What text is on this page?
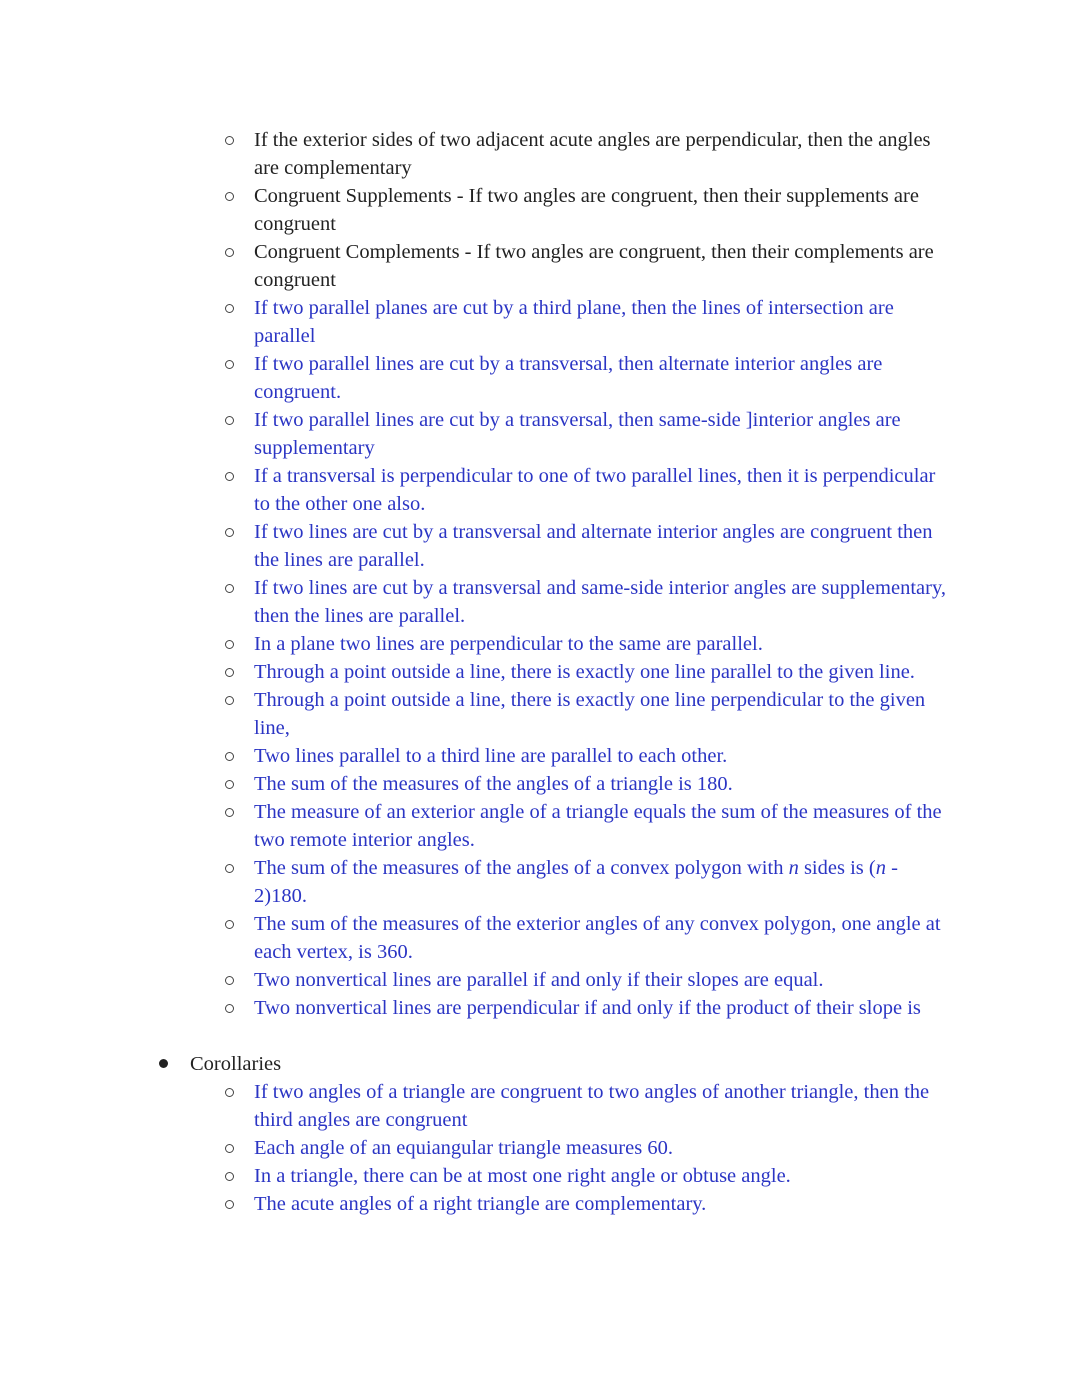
If the exterior sides of two adjacent acute angles are perpendicular, then the angles are complementary
Congruent Supplements - If two angles are congruent, then their supplements are congruent
Congruent Complements - If two angles are congruent, then their complements are congruent
If two parallel planes are cut by a third plane, then the lines of intersection are parallel
If two parallel lines are cut by a transversal, then alternate interior angles are congruent.
If two parallel lines are cut by a transversal, then same-side ]interior angles are supplementary
If a transversal is perpendicular to one of two parallel lines, then it is perpendicular to the other one also.
If two lines are cut by a transversal and alternate interior angles are congruent then the lines are parallel.
If two lines are cut by a transversal and same-side interior angles are supplementary, then the lines are parallel.
In a plane two lines are perpendicular to the same are parallel.
Through a point outside a line, there is exactly one line parallel to the given line.
Through a point outside a line, there is exactly one line perpendicular to the given line,
Two lines parallel to a third line are parallel to each other.
The sum of the measures of the angles of a triangle is 180.
The measure of an exterior angle of a triangle equals the sum of the measures of the two remote interior angles.
The sum of the measures of the angles of a convex polygon with n sides is (n - 2)180.
The sum of the measures of the exterior angles of any convex polygon, one angle at each vertex, is 360.
Two nonvertical lines are parallel if and only if their slopes are equal.
Two nonvertical lines are perpendicular if and only if the product of their slope is
Corollaries
If two angles of a triangle are congruent to two angles of another triangle, then the third angles are congruent
Each angle of an equiangular triangle measures 60.
In a triangle, there can be at most one right angle or obtuse angle.
The acute angles of a right triangle are complementary.
